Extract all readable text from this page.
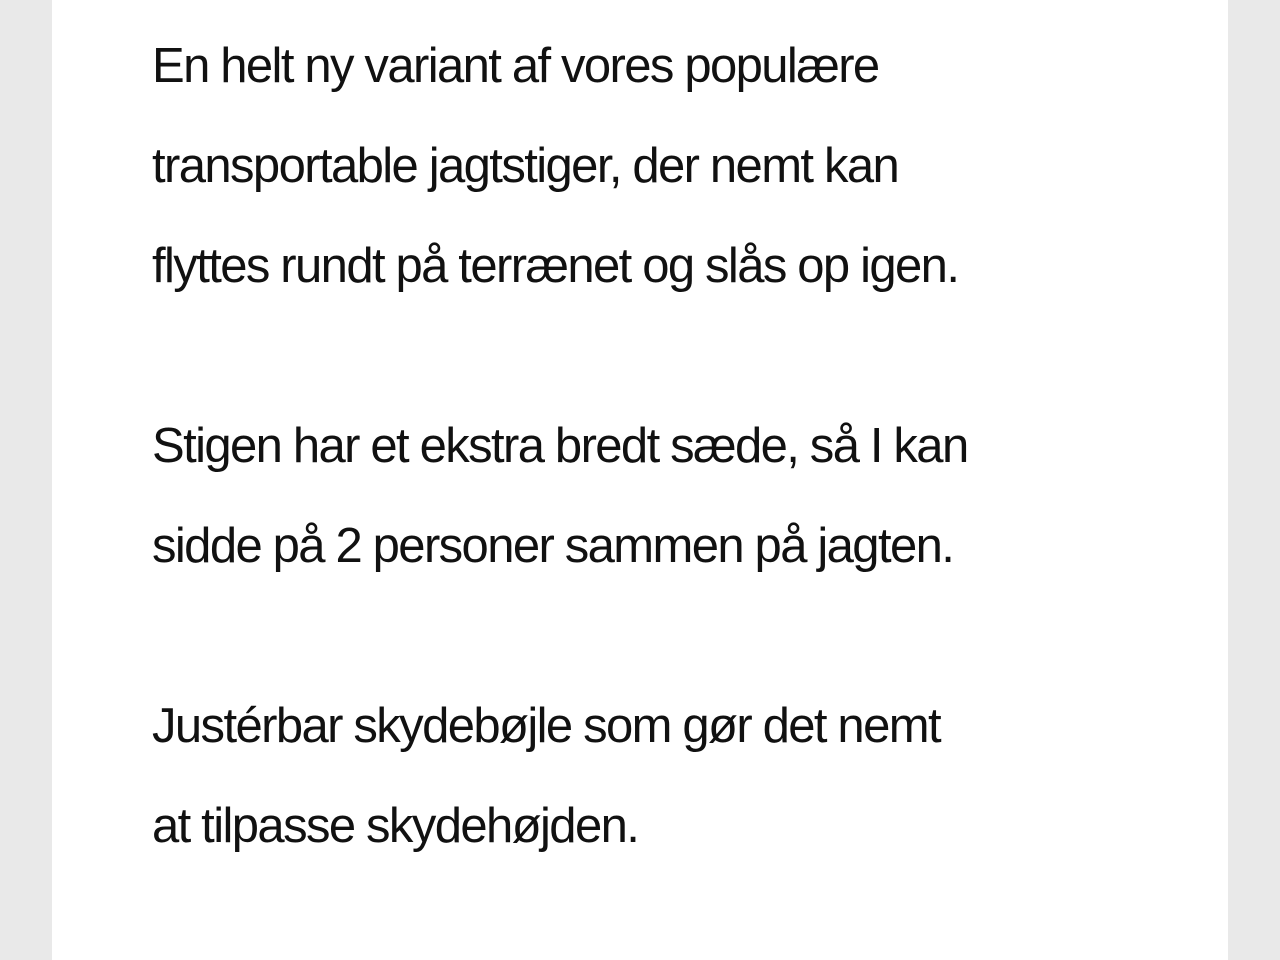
En helt ny variant af vores populære
transportable jagtstiger, der nemt kan
flyttes rundt på terrænet og slås op igen.

Stigen har et ekstra bredt sæde, så I kan
sidde på 2 personer sammen på jagten.

Justérbar skydebøjle som gør det nemt
at tilpasse skydehøjden.
